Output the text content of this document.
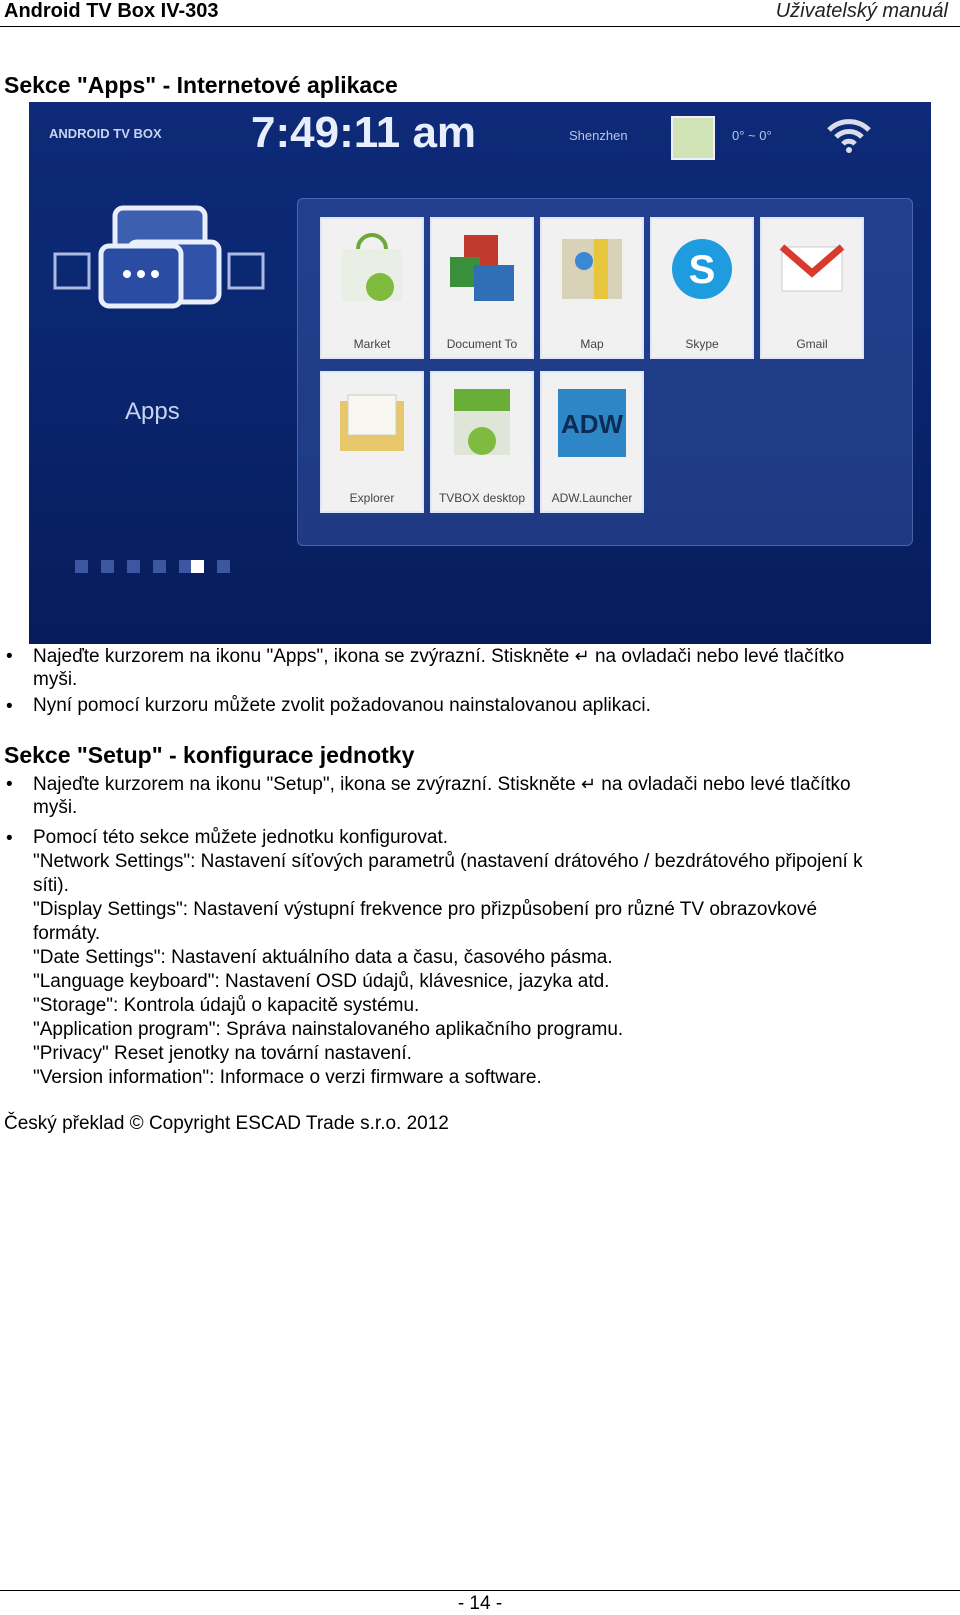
Android TV Box IV-303	Uživatelský manuál
Sekce "Apps" - Internetové aplikace
ANDROID TV BOX 7:49:11 am	Shenzhen	0° ~ 0°
Apps
Market	Document To	Map
S
Skype	Gmail
Explorer	TVBOX desktop
ADW
ADW.Launcher
• Najeďte kurzorem na ikonu "Apps", ikona se zvýrazní. Stiskněte ↵ na ovladači nebo levé tlačítko
myši.
• Nyní pomocí kurzoru můžete zvolit požadovanou nainstalovanou aplikaci.
Sekce "Setup" - konfigurace jednotky
• Najeďte kurzorem na ikonu "Setup", ikona se zvýrazní. Stiskněte ↵ na ovladači nebo levé tlačítko
myši.
• Pomocí této sekce můžete jednotku konfigurovat.
"Network Settings": Nastavení síťových parametrů (nastavení drátového / bezdrátového připojení k
síti).
"Display Settings": Nastavení výstupní frekvence pro přizpůsobení pro různé TV obrazovkové
formáty.
"Date Settings": Nastavení aktuálního data a času, časového pásma.
"Language keyboard": Nastavení OSD údajů, klávesnice, jazyka atd.
"Storage": Kontrola údajů o kapacitě systému.
"Application program": Správa nainstalovaného aplikačního programu.
"Privacy" Reset jenotky na tovární nastavení.
"Version information": Informace o verzi firmware a software.
Český překlad © Copyright ESCAD Trade s.r.o. 2012
- 14 -
